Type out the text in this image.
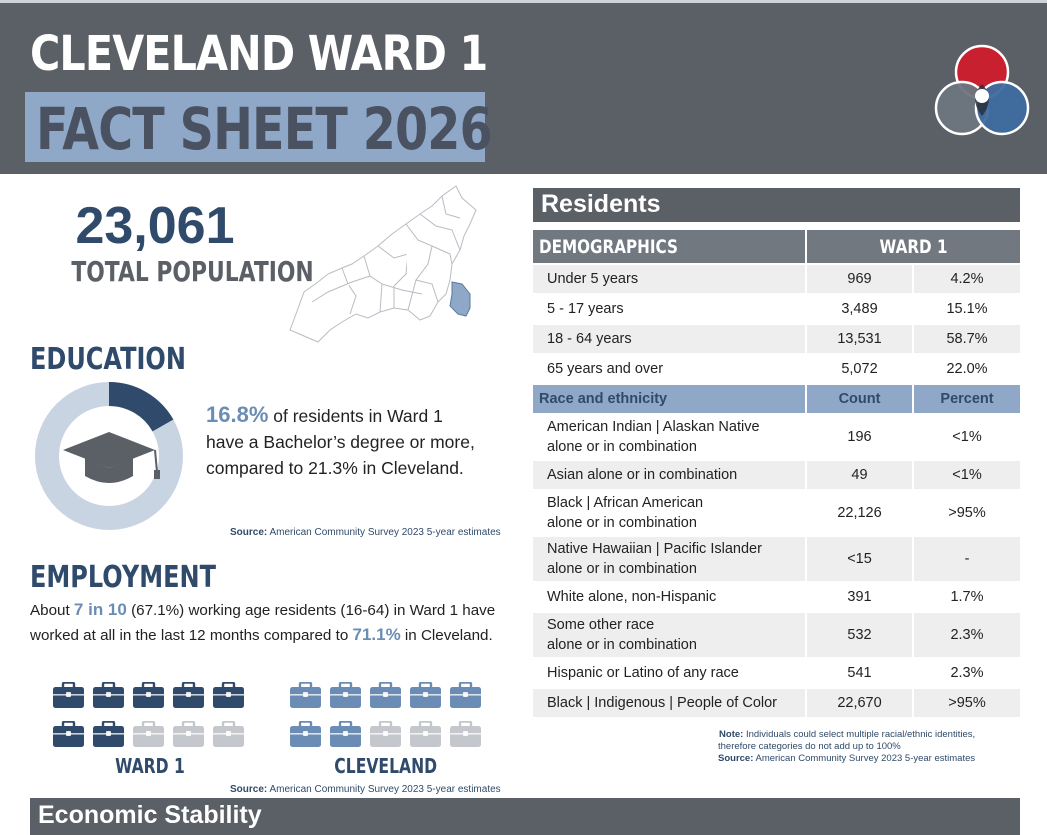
CLEVELAND WARD 1
FACT SHEET 2026
23,061
TOTAL POPULATION
EDUCATION
16.8% of residents in Ward 1
have a Bachelor’s degree or more,
compared to 21.3% in Cleveland.
Source: American Community Survey 2023 5-year estimates
EMPLOYMENT
About 7 in 10 (67.1%) working age residents (16-64) in Ward 1 have worked at all in the last 12 months compared to 71.1% in Cleveland.
WARD 1	CLEVELAND
Source: American Community Survey 2023 5-year estimates
Residents
DEMOGRAPHICS	WARD 1	
Under 5 years	969	4.2%
5 - 17 years	3,489	15.1%
18 - 64 years	13,531	58.7%
65 years and over	5,072	22.0%
Race and ethnicity	Count	Percent
American Indian | Alaskan Native
alone or in combination	196	<1%
Asian alone or in combination	49	<1%
Black | African American
alone or in combination	22,126	>95%
Native Hawaiian | Pacific Islander
alone or in combination	<15	-
White alone, non-Hispanic	391	1.7%
Some other race
alone or in combination	532	2.3%
Hispanic or Latino of any race	541	2.3%
Black | Indigenous | People of Color	22,670	>95%
Note: Individuals could select multiple racial/ethnic identities,
therefore categories do not add up to 100%
Source: American Community Survey 2023 5-year estimates
Economic Stability
